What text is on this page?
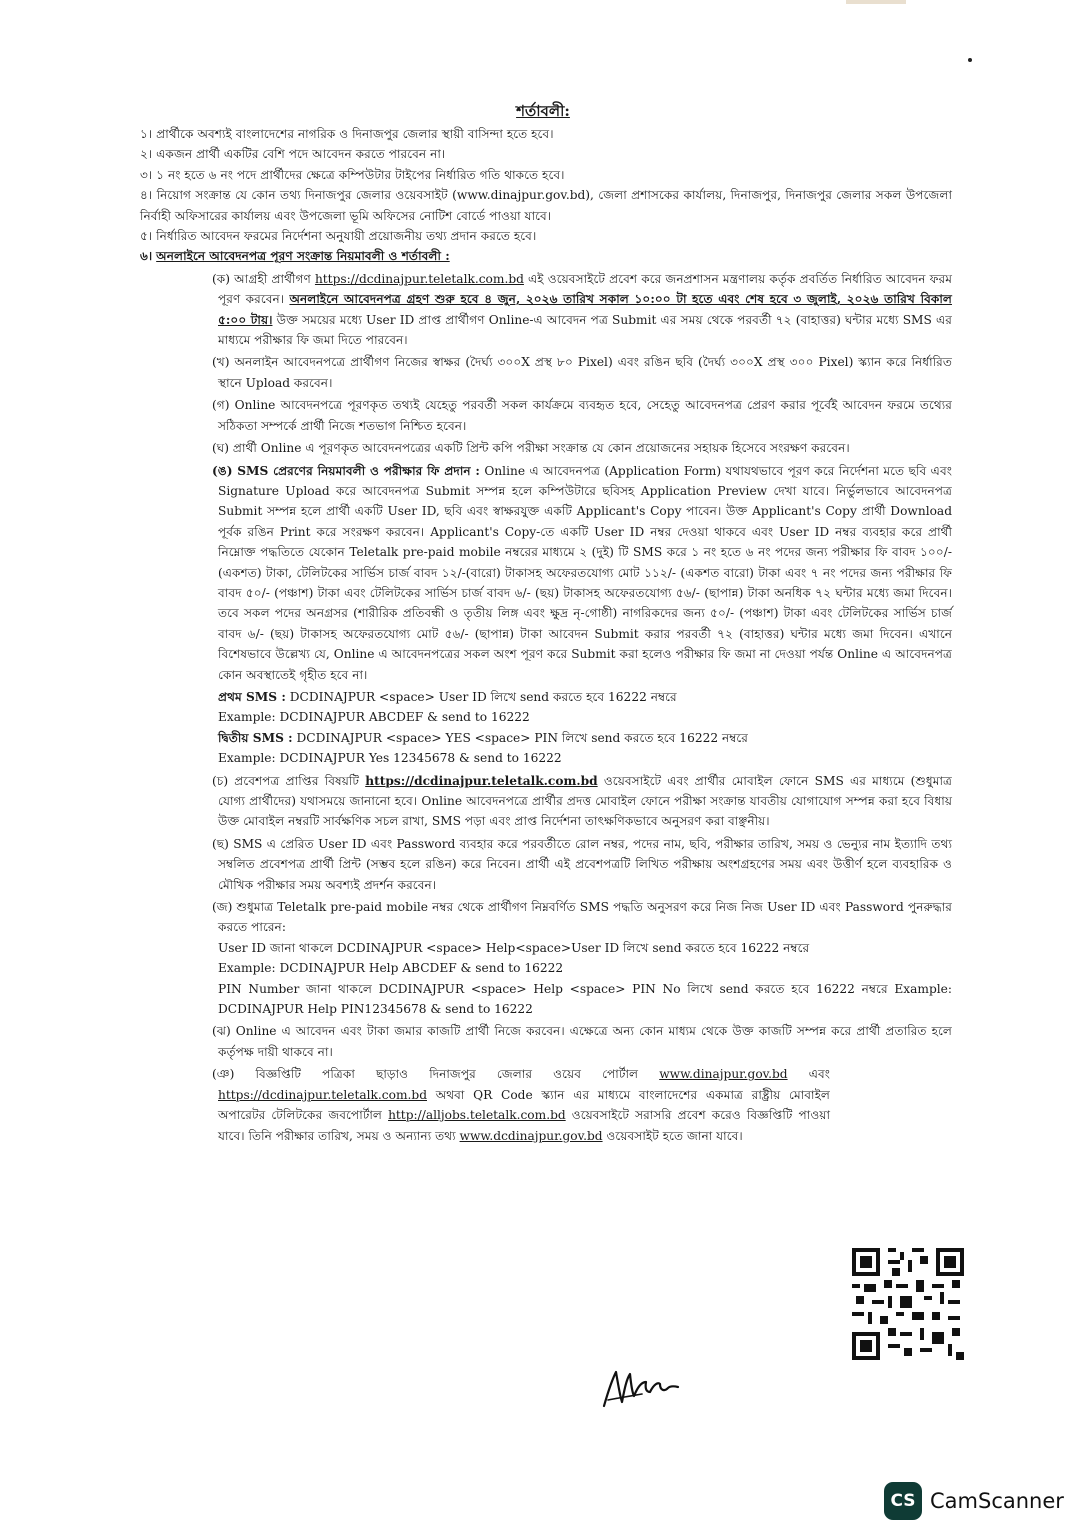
শর্তাবলী:

১। প্রার্থীকে অবশ্যই বাংলাদেশের নাগরিক ও দিনাজপুর জেলার স্থায়ী বাসিন্দা হতে হবে।

২। একজন প্রার্থী একটির বেশি পদে আবেদন করতে পারবেন না।

৩। ১ নং হতে ৬ নং পদে প্রার্থীদের ক্ষেত্রে কম্পিউটার টাইপের নির্ধারিত গতি থাকতে হবে।

৪। নিয়োগ সংক্রান্ত যে কোন তথ্য দিনাজপুর জেলার ওয়েবসাইট (www.dinajpur.gov.bd), জেলা প্রশাসকের কার্যালয়, দিনাজপুর, দিনাজপুর জেলার সকল উপজেলা নির্বাহী অফিসারের কার্যালয় এবং উপজেলা ভূমি অফিসের নোটিশ বোর্ডে পাওয়া যাবে।

৫। নির্ধারিত আবেদন ফরমের নির্দেশনা অনুযায়ী প্রয়োজনীয় তথ্য প্রদান করতে হবে।

৬। অনলাইনে আবেদনপত্র পূরণ সংক্রান্ত নিয়মাবলী ও শর্তাবলী :

(ক) আগ্রহী প্রার্থীগণ https://dcdinajpur.teletalk.com.bd এই ওয়েবসাইটে প্রবেশ করে জনপ্রশাসন মন্ত্রণালয় কর্তৃক প্রবর্তিত নির্ধারিত আবেদন ফরম পূরণ করবেন। অনলাইনে আবেদনপত্র গ্রহণ শুরু হবে ৪ জুন, ২০২৬ তারিখ সকাল ১০:০০ টা হতে এবং শেষ হবে ৩ জুলাই, ২০২৬ তারিখ বিকাল ৫:০০ টায়। উক্ত সময়ের মধ্যে User ID প্রাপ্ত প্রার্থীগণ Online-এ আবেদন পত্র Submit এর সময় থেকে পরবর্তী ৭২ (বাহাত্তর) ঘন্টার মধ্যে SMS এর মাধ্যমে পরীক্ষার ফি জমা দিতে পারবেন।

(খ) অনলাইন আবেদনপত্রে প্রার্থীগণ নিজের স্বাক্ষর (দৈর্ঘ্য ৩০০X প্রস্থ ৮০ Pixel) এবং রঙিন ছবি (দৈর্ঘ্য ৩০০X প্রস্থ ৩০০ Pixel) স্ক্যান করে নির্ধারিত স্থানে Upload করবেন।

(গ) Online আবেদনপত্রে পূরণকৃত তথ্যই যেহেতু পরবর্তী সকল কার্যক্রমে ব্যবহৃত হবে, সেহেতু আবেদনপত্র প্রেরণ করার পূর্বেই আবেদন ফরমে তথ্যের সঠিকতা সম্পর্কে প্রার্থী নিজে শতভাগ নিশ্চিত হবেন।

(ঘ) প্রার্থী Online এ পূরণকৃত আবেদনপত্রের একটি প্রিন্ট কপি পরীক্ষা সংক্রান্ত যে কোন প্রয়োজনের সহায়ক হিসেবে সংরক্ষণ করবেন।

(ঙ) SMS প্রেরণের নিয়মাবলী ও পরীক্ষার ফি প্রদান : Online এ আবেদনপত্র (Application Form) যথাযথভাবে পূরণ করে নির্দেশনা মতে ছবি এবং Signature Upload করে আবেদনপত্র Submit সম্পন্ন হলে কম্পিউটারে ছবিসহ Application Preview দেখা যাবে। নির্ভুলভাবে আবেদনপত্র Submit সম্পন্ন হলে প্রার্থী একটি User ID, ছবি এবং স্বাক্ষরযুক্ত একটি Applicant's Copy পাবেন। উক্ত Applicant's Copy প্রার্থী Download পূর্বক রঙিন Print করে সংরক্ষণ করবেন। Applicant's Copy-তে একটি User ID নম্বর দেওয়া থাকবে এবং User ID নম্বর ব্যবহার করে প্রার্থী নিম্নোক্ত পদ্ধতিতে যেকোন Teletalk pre-paid mobile নম্বরের মাধ্যমে ২ (দুই) টি SMS করে ১ নং হতে ৬ নং পদের জন্য পরীক্ষার ফি বাবদ ১০০/-(একশত) টাকা, টেলিটকের সার্ভিস চার্জ বাবদ ১২/-(বারো) টাকাসহ অফেরতযোগ্য মোট ১১২/- (একশত বারো) টাকা এবং ৭ নং পদের জন্য পরীক্ষার ফি বাবদ ৫০/- (পঞ্চাশ) টাকা এবং টেলিটকের সার্ভিস চার্জ বাবদ ৬/- (ছয়) টাকাসহ অফেরতযোগ্য ৫৬/- (ছাপান্ন) টাকা অনধিক ৭২ ঘন্টার মধ্যে জমা দিবেন। তবে সকল পদের অনগ্রসর (শারীরিক প্রতিবন্ধী ও তৃতীয় লিঙ্গ এবং ক্ষুদ্র নৃ-গোষ্ঠী) নাগরিকদের জন্য ৫০/- (পঞ্চাশ) টাকা এবং টেলিটকের সার্ভিস চার্জ বাবদ ৬/- (ছয়) টাকাসহ অফেরতযোগ্য মোট ৫৬/- (ছাপান্ন) টাকা আবেদন Submit করার পরবর্তী ৭২ (বাহাত্তর) ঘন্টার মধ্যে জমা দিবেন। এখানে বিশেষভাবে উল্লেখ্য যে, Online এ আবেদনপত্রের সকল অংশ পূরণ করে Submit করা হলেও পরীক্ষার ফি জমা না দেওয়া পর্যন্ত Online এ আবেদনপত্র কোন অবস্থাতেই গৃহীত হবে না।

প্রথম SMS : DCDINAJPUR <space> User ID লিখে send করতে হবে 16222 নম্বরে

Example: DCDINAJPUR ABCDEF & send to 16222

দ্বিতীয় SMS : DCDINAJPUR <space> YES <space> PIN লিখে send করতে হবে 16222 নম্বরে

Example: DCDINAJPUR Yes 12345678 & send to 16222

(চ) প্রবেশপত্র প্রাপ্তির বিষয়টি https://dcdinajpur.teletalk.com.bd ওয়েবসাইটে এবং প্রার্থীর মোবাইল ফোনে SMS এর মাধ্যমে (শুধুমাত্র যোগ্য প্রার্থীদের) যথাসময়ে জানানো হবে। Online আবেদনপত্রে প্রার্থীর প্রদত্ত মোবাইল ফোনে পরীক্ষা সংক্রান্ত যাবতীয় যোগাযোগ সম্পন্ন করা হবে বিধায় উক্ত মোবাইল নম্বরটি সার্বক্ষণিক সচল রাখা, SMS পড়া এবং প্রাপ্ত নির্দেশনা তাৎক্ষণিকভাবে অনুসরণ করা বাঞ্ছনীয়।

(ছ) SMS এ প্রেরিত User ID এবং Password ব্যবহার করে পরবর্তীতে রোল নম্বর, পদের নাম, ছবি, পরীক্ষার তারিখ, সময় ও ভেন্যুর নাম ইত্যাদি তথ্য সম্বলিত প্রবেশপত্র প্রার্থী প্রিন্ট (সম্ভব হলে রঙিন) করে নিবেন। প্রার্থী এই প্রবেশপত্রটি লিখিত পরীক্ষায় অংশগ্রহণের সময় এবং উত্তীর্ণ হলে ব্যবহারিক ও মৌখিক পরীক্ষার সময় অবশ্যই প্রদর্শন করবেন।

(জ) শুধুমাত্র Teletalk pre-paid mobile নম্বর থেকে প্রার্থীগণ নিম্নবর্ণিত SMS পদ্ধতি অনুসরণ করে নিজ নিজ User ID এবং Password পুনরুদ্ধার করতে পারেন:

User ID জানা থাকলে DCDINAJPUR <space> Help<space>User ID লিখে send করতে হবে 16222 নম্বরে

Example: DCDINAJPUR Help ABCDEF & send to 16222

PIN Number জানা থাকলে DCDINAJPUR <space> Help <space> PIN No লিখে send করতে হবে 16222 নম্বরে Example: DCDINAJPUR Help PIN12345678 & send to 16222

(ঝ) Online এ আবেদন এবং টাকা জমার কাজটি প্রার্থী নিজে করবেন। এক্ষেত্রে অন্য কোন মাধ্যম থেকে উক্ত কাজটি সম্পন্ন করে প্রার্থী প্রতারিত হলে কর্তৃপক্ষ দায়ী থাকবে না।

(ঞ) বিজ্ঞপ্তিটি পত্রিকা ছাড়াও দিনাজপুর জেলার ওয়েব পোর্টাল www.dinajpur.gov.bd এবং https://dcdinajpur.teletalk.com.bd অথবা QR Code স্ক্যান এর মাধ্যমে বাংলাদেশের একমাত্র রাষ্ট্রীয় মোবাইল অপারেটর টেলিটকের জবপোর্টাল http://alljobs.teletalk.com.bd ওয়েবসাইটে সরাসরি প্রবেশ করেও বিজ্ঞপ্তিটি পাওয়া যাবে। তিনি পরীক্ষার তারিখ, সময় ও অন্যান্য তথ্য www.dcdinajpur.gov.bd ওয়েবসাইট হতে জানা যাবে।

CS CamScanner
